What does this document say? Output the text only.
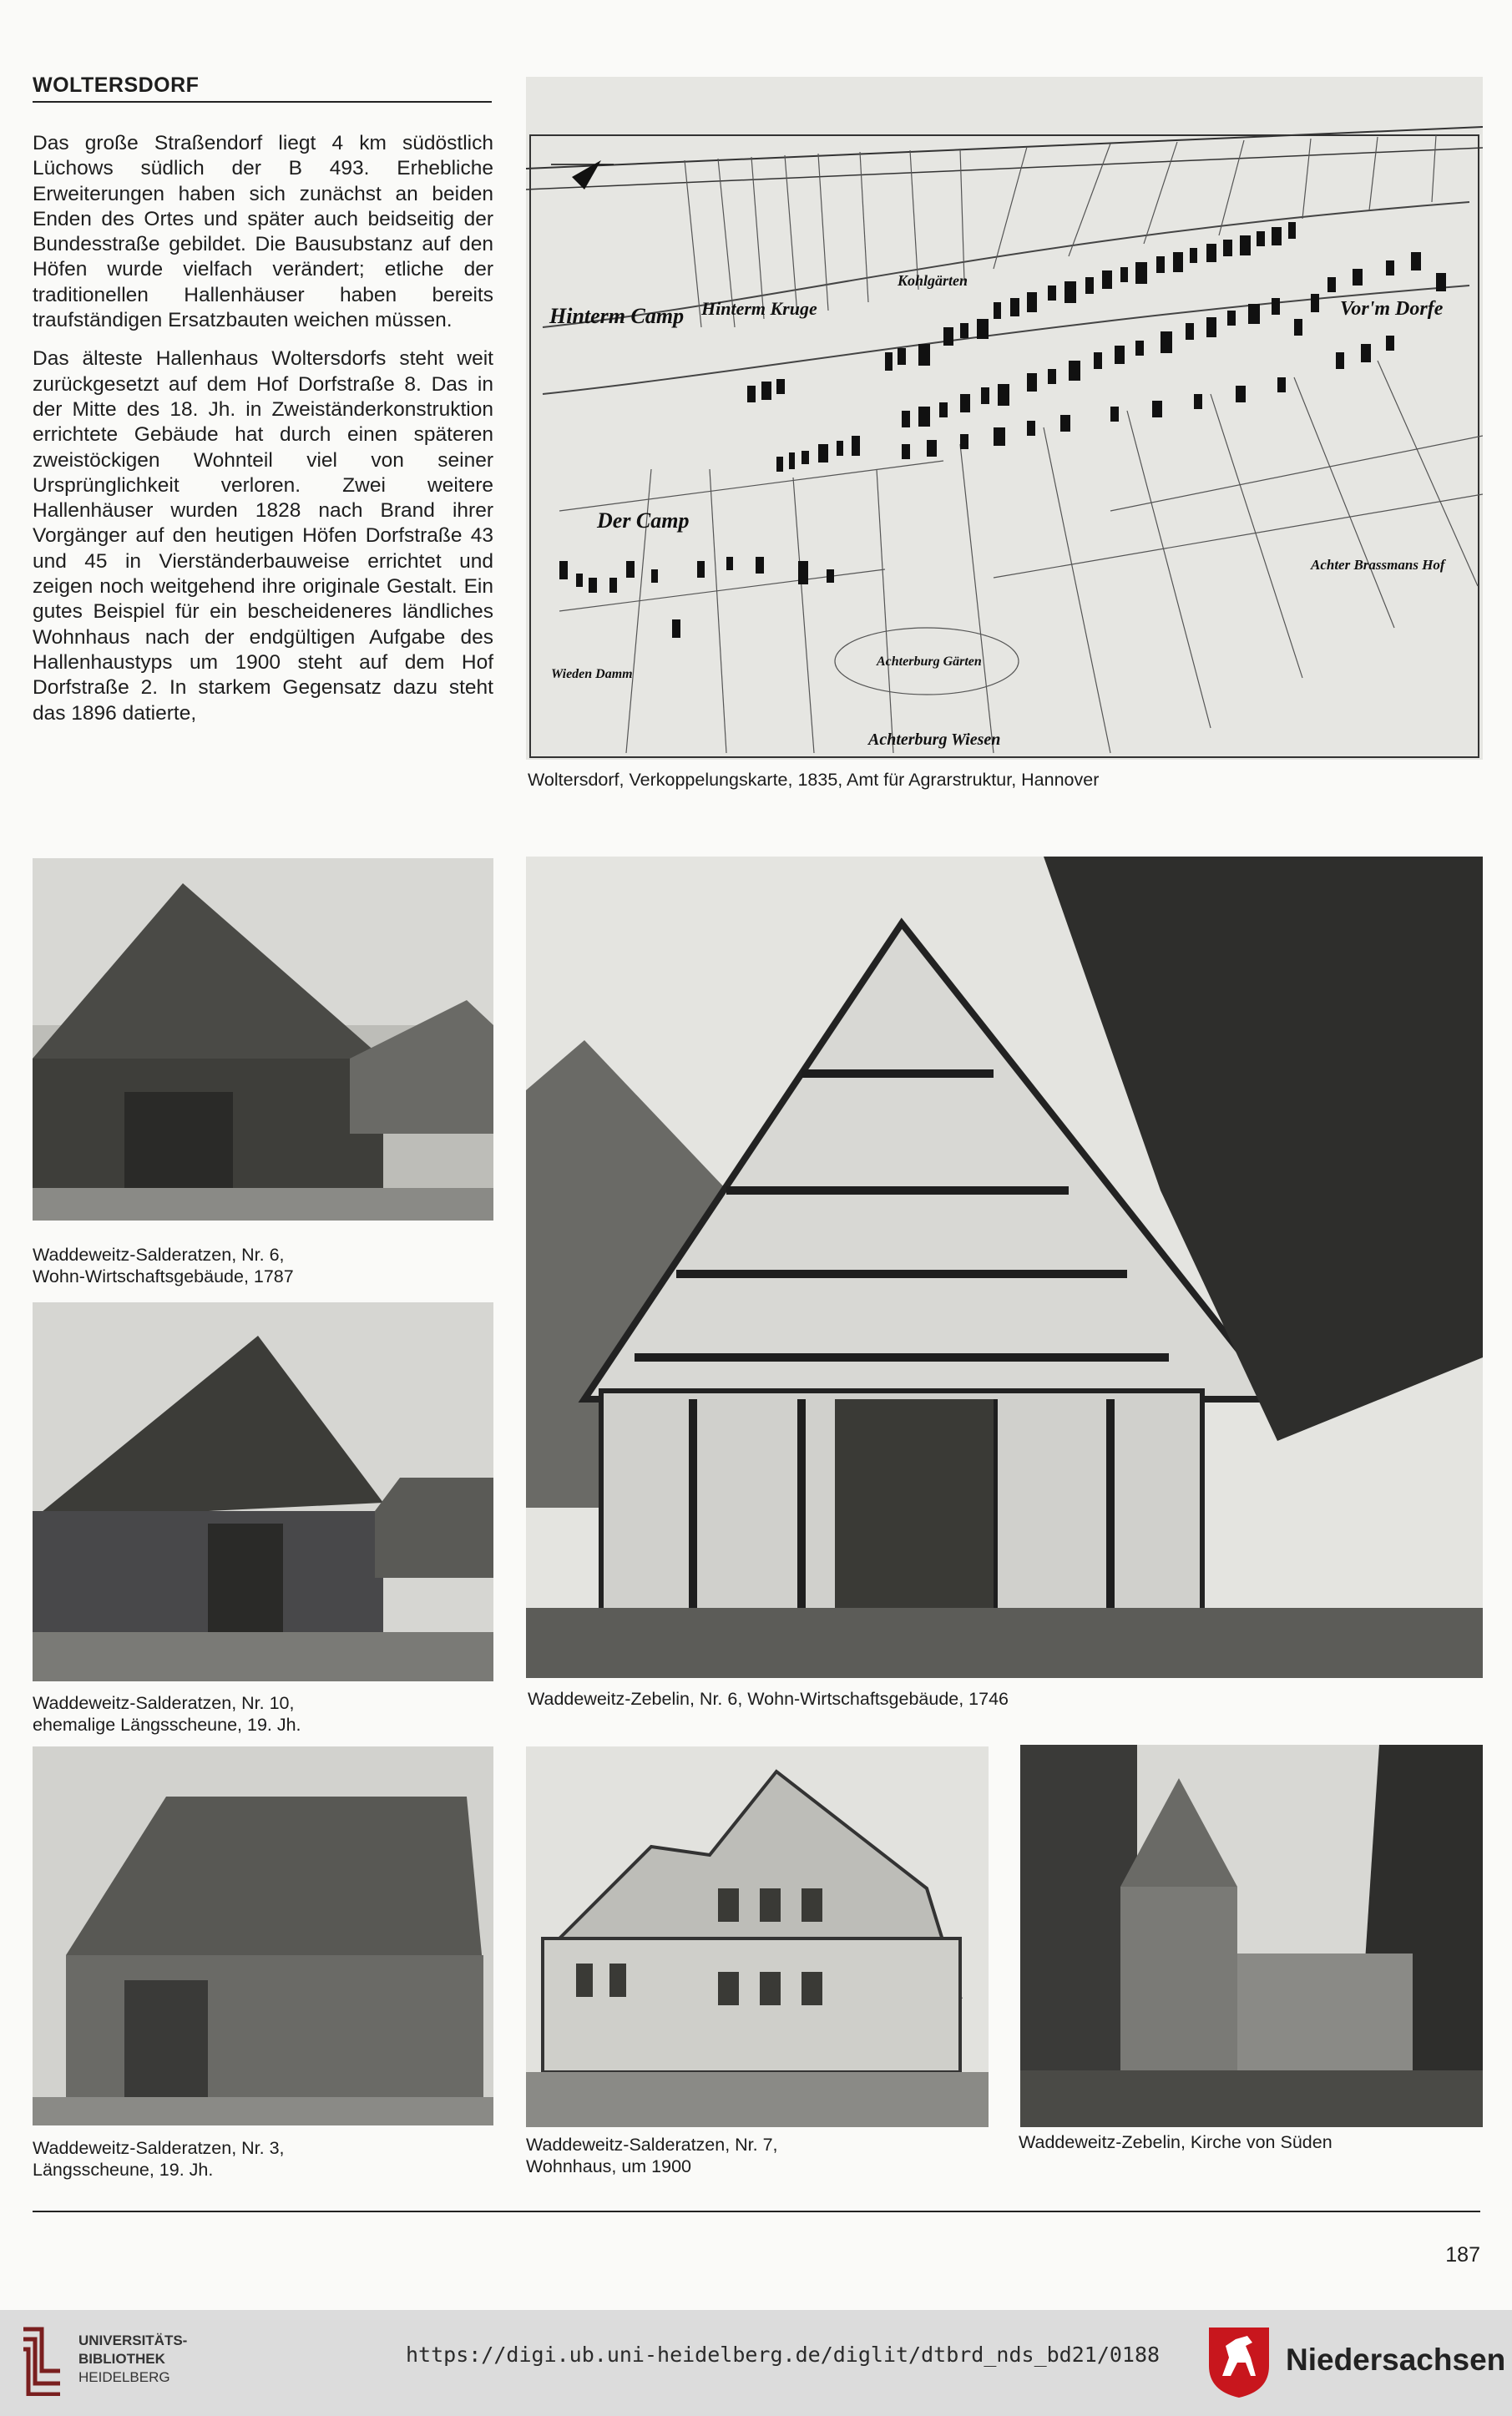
WOLTERSDORF

Das große Straßendorf liegt 4 km südöstlich Lüchows südlich der B 493. Erhebliche Erweiterungen haben sich zunächst an beiden Enden des Ortes und später auch beidseitig der Bundesstraße gebildet. Die Bausubstanz auf den Höfen wurde vielfach verändert; etliche der traditionellen Hallenhäuser haben bereits traufständigen Ersatzbauten weichen müssen.

Das älteste Hallenhaus Woltersdorfs steht weit zurückgesetzt auf dem Hof Dorfstraße 8. Das in der Mitte des 18. Jh. in Zweiständerkonstruktion errichtete Gebäude hat durch einen späteren zweistöckigen Wohnteil viel von seiner Ursprünglichkeit verloren. Zwei weitere Hallenhäuser wurden 1828 nach Brand ihrer Vorgänger auf den heutigen Höfen Dorfstraße 43 und 45 in Vierständerbauweise errichtet und zeigen noch weitgehend ihre originale Gestalt. Ein gutes Beispiel für ein bescheideneres ländliches Wohnhaus nach der endgültigen Aufgabe des Hallenhaustyps um 1900 steht auf dem Hof Dorfstraße 2. In starkem Gegensatz dazu steht das 1896 datierte,

Hinterm Camp Hinterm Kruge
Kohlgärten
Vor'm Dorfe
Der Camp
Achter Brassmans Hof
Achterburg Gärten
Wieden Damm
Achterburg Wiesen
Woltersdorf, Verkoppelungskarte, 1835, Amt für Agrarstruktur, Hannover
Waddeweitz-Salderatzen, Nr. 6,
Wohn-Wirtschaftsgebäude, 1787
Waddeweitz-Salderatzen, Nr. 10,
ehemalige Längsscheune, 19. Jh.
Waddeweitz-Zebelin, Nr. 6, Wohn-Wirtschaftsgebäude, 1746
Waddeweitz-Salderatzen, Nr. 3,
Längsscheune, 19. Jh.
Waddeweitz-Salderatzen, Nr. 7,
Wohnhaus, um 1900
Waddeweitz-Zebelin, Kirche von Süden
187
UNIVERSITÄTS-
BIBLIOTHEK
HEIDELBERG
https://digi.ub.uni-heidelberg.de/diglit/dtbrd_nds_bd21/0188	Niedersachsen
